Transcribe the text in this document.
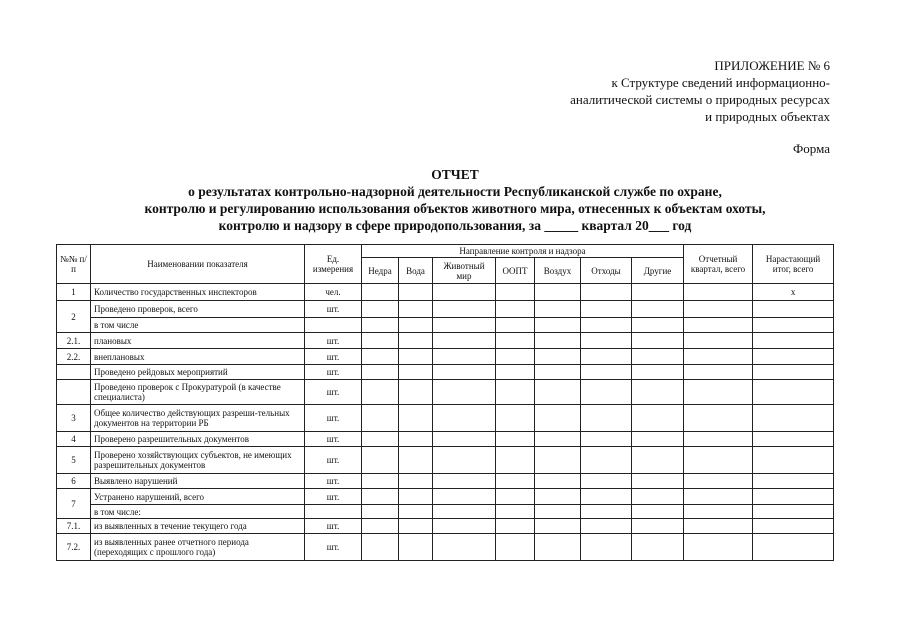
ПРИЛОЖЕНИЕ № 6
к Структуре сведений информационно-
аналитической системы о природных ресурсах
и природных объектах
Форма
ОТЧЕТ
о результатах контрольно-надзорной деятельности Республиканской службе по охране,
контролю и регулированию использования объектов животного мира, отнесенных к объектам охоты,
контролю и надзору в сфере природопользования, за _____ квартал 20___ год
№№ п/п	Наименовании показателя	Ед. измерения	Направление контроля и надзора							Отчетный квартал, всего	Нарастающий итог, всего
			Недра	Вода	Животный мир	ООПТ	Воздух	Отходы	Другие		
1	Количество государственных инспекторов	чел.									х
2	Проведено проверок, всего	шт.									
	в том числе										
2.1.	плановых	шт.									
2.2.	внеплановых	шт.									
	Проведено рейдовых мероприятий	шт.									
	Проведено проверок с Прокуратурой (в качестве специалиста)	шт.									
3	Общее количество действующих разреши-тельных документов на территории РБ	шт.									
4	Проверено разрешительных документов	шт.									
5	Проверено хозяйствующих субъектов, не имеющих разрешительных документов	шт.									
6	Выявлено нарушений	шт.									
7	Устранено нарушений, всего	шт.									
	в том числе:										
7.1.	из выявленных в течение текущего года	шт.									
7.2.	из выявленных ранее отчетного периода (переходящих с прошлого года)	шт.									
